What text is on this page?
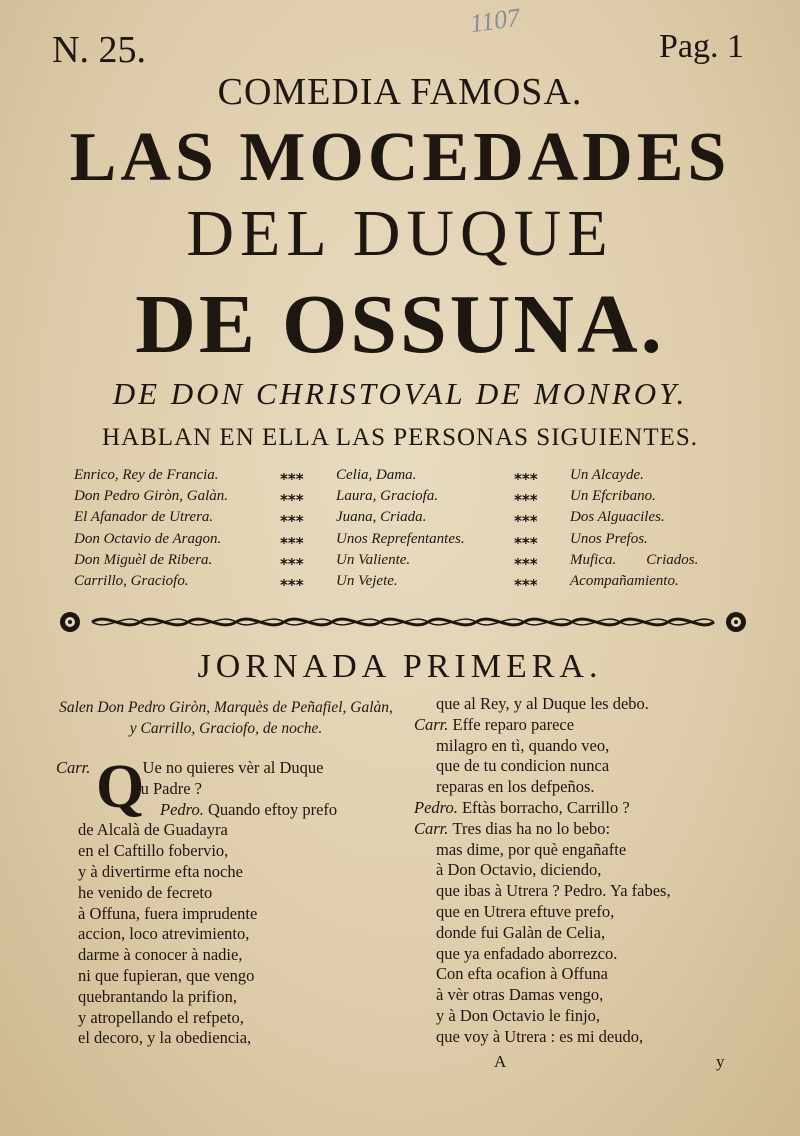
N. 25.
1107
Pag. 1
COMEDIA FAMOSA.
LAS MOCEDADES
DEL DUQUE
DE OSSUNA.
DE DON CHRISTOVAL DE MONROY.
HABLAN EN ELLA LAS PERSONAS SIGUIENTES.
Enrico, Rey de Francia.
Don Pedro Giròn, Galàn.
El Afanador de Utrera.
Don Octavio de Aragon.
Don Miguèl de Ribera.
Carrillo, Graciofo.
⁎⁎⁎
⁎⁎⁎
⁎⁎⁎
⁎⁎⁎
⁎⁎⁎
⁎⁎⁎
Celia, Dama.
Laura, Graciofa.
Juana, Criada.
Unos Reprefentantes.
Un Valiente.
Un Vejete.
⁎⁎⁎
⁎⁎⁎
⁎⁎⁎
⁎⁎⁎
⁎⁎⁎
⁎⁎⁎
Un Alcayde.
Un Efcribano.
Dos Alguaciles.
Unos Prefos.
Mufica.        Criados.
Acompañamiento.
JORNADA PRIMERA.
Salen Don Pedro Giròn, Marquès de Peñafiel, Galàn, y Carrillo, Graciofo, de noche.
Q
Carr.	Ue no quieres vèr al Duque
tu Padre ?
Pedro. Quando eftoy prefo
de Alcalà de Guadayra
en el Caftillo fobervio,
y à divertirme efta noche
he venido de fecreto
à Offuna, fuera imprudente
accion, loco atrevimiento,
darme à conocer à nadie,
ni que fupieran, que vengo
quebrantando la prifion,
y atropellando el refpeto,
el decoro, y la obediencia,
que al Rey, y al Duque les debo.
Carr. Effe reparo parece
milagro en tì, quando veo,
que de tu condicion nunca
reparas en los defpeños.
Pedro. Eftàs borracho, Carrillo ?
Carr. Tres dias ha no lo bebo:
mas dime, por què engañafte
à Don Octavio, diciendo,
que ibas à Utrera ? Pedro. Ya fabes,
que en Utrera eftuve prefo,
donde fui Galàn de Celia,
que ya enfadado aborrezco.
Con efta ocafion à Offuna
à vèr otras Damas vengo,
y à Don Octavio le finjo,
que voy à Utrera : es mi deudo,
A	y
